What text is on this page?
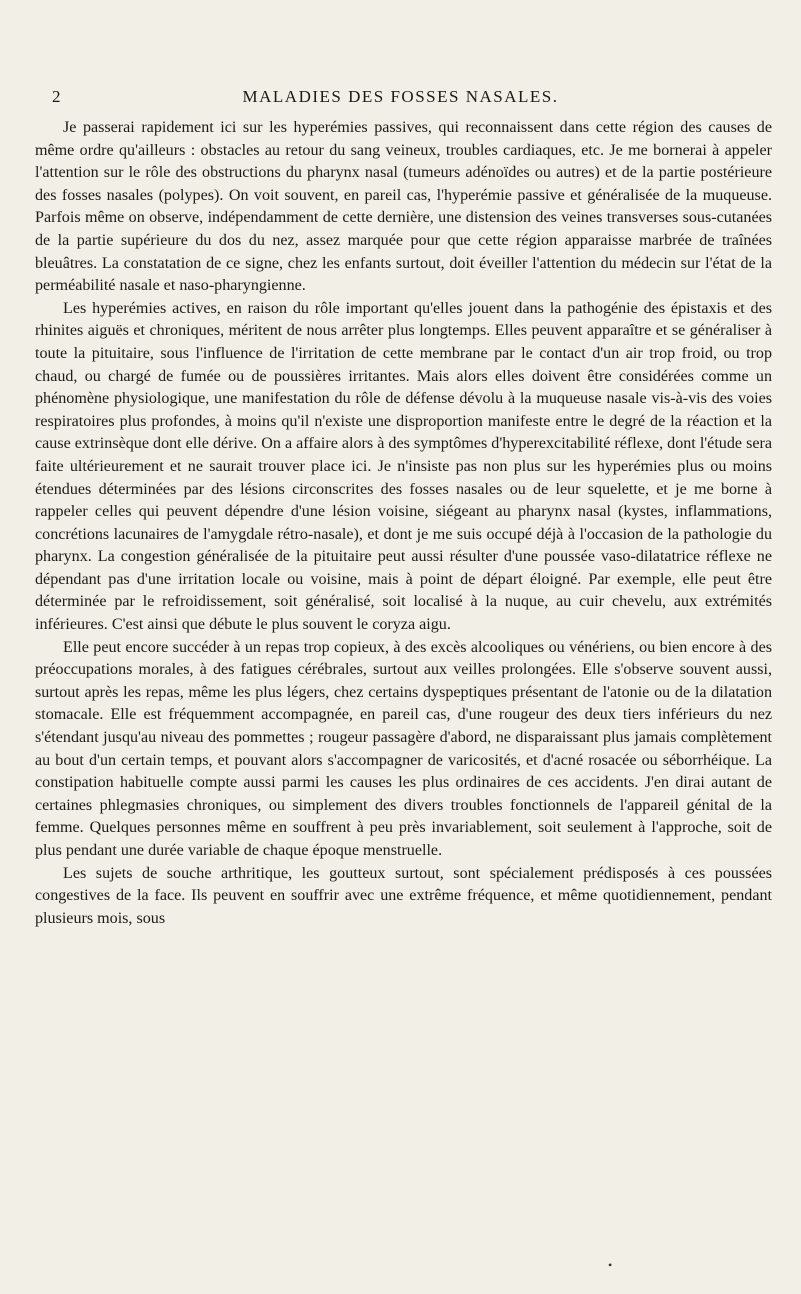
2	MALADIES DES FOSSES NASALES.

Je passerai rapidement ici sur les hyperémies passives, qui reconnaissent dans cette région des causes de même ordre qu'ailleurs : obstacles au retour du sang veineux, troubles cardiaques, etc. Je me bornerai à appeler l'attention sur le rôle des obstructions du pharynx nasal (tumeurs adénoïdes ou autres) et de la partie postérieure des fosses nasales (polypes). On voit souvent, en pareil cas, l'hyperémie passive et généralisée de la muqueuse. Parfois même on observe, indépendamment de cette dernière, une distension des veines transverses sous-cutanées de la partie supérieure du dos du nez, assez marquée pour que cette région apparaisse marbrée de traînées bleuâtres. La constatation de ce signe, chez les enfants surtout, doit éveiller l'attention du médecin sur l'état de la perméabilité nasale et naso-pharyngienne.

Les hyperémies actives, en raison du rôle important qu'elles jouent dans la pathogénie des épistaxis et des rhinites aiguës et chroniques, méritent de nous arrêter plus longtemps. Elles peuvent apparaître et se généraliser à toute la pituitaire, sous l'influence de l'irritation de cette membrane par le contact d'un air trop froid, ou trop chaud, ou chargé de fumée ou de poussières irritantes. Mais alors elles doivent être considérées comme un phénomène physiologique, une manifestation du rôle de défense dévolu à la muqueuse nasale vis-à-vis des voies respiratoires plus profondes, à moins qu'il n'existe une disproportion manifeste entre le degré de la réaction et la cause extrinsèque dont elle dérive. On a affaire alors à des symptômes d'hyperexcitabilité réflexe, dont l'étude sera faite ultérieurement et ne saurait trouver place ici. Je n'insiste pas non plus sur les hyperémies plus ou moins étendues déterminées par des lésions circonscrites des fosses nasales ou de leur squelette, et je me borne à rappeler celles qui peuvent dépendre d'une lésion voisine, siégeant au pharynx nasal (kystes, inflammations, concrétions lacunaires de l'amygdale rétro-nasale), et dont je me suis occupé déjà à l'occasion de la pathologie du pharynx. La congestion généralisée de la pituitaire peut aussi résulter d'une poussée vaso-dilatatrice réflexe ne dépendant pas d'une irritation locale ou voisine, mais à point de départ éloigné. Par exemple, elle peut être déterminée par le refroidissement, soit généralisé, soit localisé à la nuque, au cuir chevelu, aux extrémités inférieures. C'est ainsi que débute le plus souvent le coryza aigu.

Elle peut encore succéder à un repas trop copieux, à des excès alcooliques ou vénériens, ou bien encore à des préoccupations morales, à des fatigues cérébrales, surtout aux veilles prolongées. Elle s'observe souvent aussi, surtout après les repas, même les plus légers, chez certains dyspeptiques présentant de l'atonie ou de la dilatation stomacale. Elle est fréquemment accompagnée, en pareil cas, d'une rougeur des deux tiers inférieurs du nez s'étendant jusqu'au niveau des pommettes ; rougeur passagère d'abord, ne disparaissant plus jamais complètement au bout d'un certain temps, et pouvant alors s'accompagner de varicosités, et d'acné rosacée ou séborrhéique. La constipation habituelle compte aussi parmi les causes les plus ordinaires de ces accidents. J'en dirai autant de certaines phlegmasies chroniques, ou simplement des divers troubles fonctionnels de l'appareil génital de la femme. Quelques personnes même en souffrent à peu près invariablement, soit seulement à l'approche, soit de plus pendant une durée variable de chaque époque menstruelle.

Les sujets de souche arthritique, les goutteux surtout, sont spécialement prédisposés à ces poussées congestives de la face. Ils peuvent en souffrir avec une extrême fréquence, et même quotidiennement, pendant plusieurs mois, sous

•
